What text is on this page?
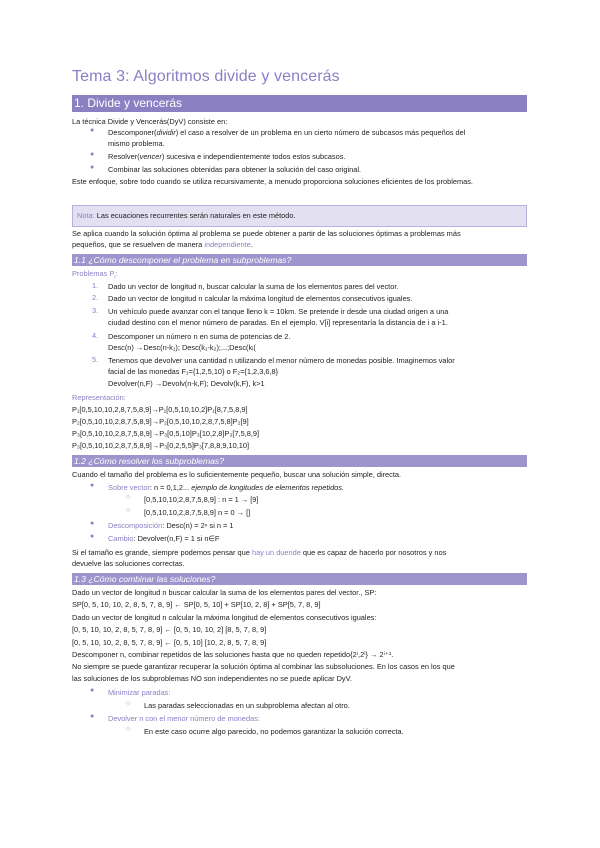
Tema 3: Algoritmos divide y vencerás
1. Divide y vencerás
La técnica Divide y Vencerás(DyV) consiste en:
● Descomponer(dividir) el caso a resolver de un problema en un cierto número de subcasos más pequeños del
mismo problema.
● Resolver(vencer) sucesiva e independientemente todos estos subcasos.
● Combinar las soluciones obtenidas para obtener la solución del caso original.
Este enfoque, sobre todo cuando se utiliza recursivamente, a menudo proporciona soluciones eficientes de los problemas.
Nota: Las ecuaciones recurrentes serán naturales en este método.
Se aplica cuando la solución óptima al problema se puede obtener a partir de las soluciones óptimas a problemas más
pequeños, que se resuelven de manera independiente.
1.1 ¿Cómo descomponer el problema en subproblemas?
Problemas $P_i$:
1. Dado un vector de longitud n, buscar calcular la suma de los elementos pares del vector.
2. Dado un vector de longitud n calcular la máxima longitud de elementos consecutivos iguales.
3. Un vehículo puede avanzar con el tanque lleno k = 10km. Se pretende ir desde una ciudad origen a una
ciudad destino con el menor número de paradas. En el ejemplo. V[i] representaría la distancia de i a i-1.
4. Descomponer un número n en suma de potencias de 2.
Desc(n) →Desc(n-k₁); Desc(k₁-k₂);...;Desc(kᵢ(
5. Tenemos que devolver una cantidad n utilizando el menor número de monedas posible. Imaginemos valor
facial de las monedas F₁={1,2,5,10} o F₂={1,2,3,6,8}
Devolver(n,F) →Devolv(n-k,F); Devolv(k,F), k>1
Representación:
P₁[0,5,10,10,2,8,7,5,8,9]→P₁[0,5,10,10,2]P₁[8,7,5,8,9]
P₂[0,5,10,10,2,8,7,5,8,9]→P₂[0,5,10,10,2,8,7,5,8]P₂[9]
P₃[0,5,10,10,2,8,7,5,8,9]→P₃[0,5,10]P₃[10,2,8]P₃[7,5,8,9]
P₃[0,5,10,10,2,8,7,5,8,9]→P₃[0,2,5,5]P₃[7,8,8,9,10,10]
1.2 ¿Cómo resolver los subproblemas?
Cuando el tamaño del problema es lo suficientemente pequeño, buscar una solución simple, directa.
● Sobre vector: n = 0,1,2... ejemplo de longitudes de elementos repetidos.
○ [0,5,10,10,2,8,7,5,8,9] : n = 1 → [9]
○ [0,5,10,10,2,8,7,5,8,9] n = 0 → []
● Descomposición: Desc(n) = 2ⁿ si n = 1
● Cambio: Devolver(n,F) = 1 si n∈F
Si el tamaño es grande, siempre podemos pensar que hay un duende que es capaz de hacerlo por nosotros y nos
devuelve las soluciones correctas.
1.3 ¿Cómo combinar las soluciones?
Dado un vector de longitud n buscar calcular la suma de los elementos pares del vector., SP:
SP[0, 5, 10, 10, 2, 8, 5, 7, 8, 9] ← SP[0, 5, 10] + SP[10, 2, 8] + SP[5, 7, 8, 9]
Dado un vector de longitud n calcular la máxima longitud de elementos consecutivos iguales:
[0, 5, 10, 10, 2, 8, 5, 7, 8, 9] ← [0, 5, 10, 10, 2] [8, 5, 7, 8, 9]
[0, 5, 10, 10, 2, 8, 5, 7, 8, 9] ← [0, 5, 10] [10, 2, 8, 5, 7, 8, 9]
Descomponer n, combinar repetidos de las soluciones hasta que no queden repetido{2ⁱ,2ⁱ} → 2ⁱ⁺¹.
No siempre se puede garantizar recuperar la solución óptima al combinar las subsoluciones. En los casos en los que
las soluciones de los subproblemas NO son independientes no se puede aplicar DyV.
● Minimizar paradas:
○ Las paradas seleccionadas en un subproblema afectan al otro.
● Devolver n con el menor número de monedas:
○ En este caso ocurre algo parecido, no podemos garantizar la solución correcta.
